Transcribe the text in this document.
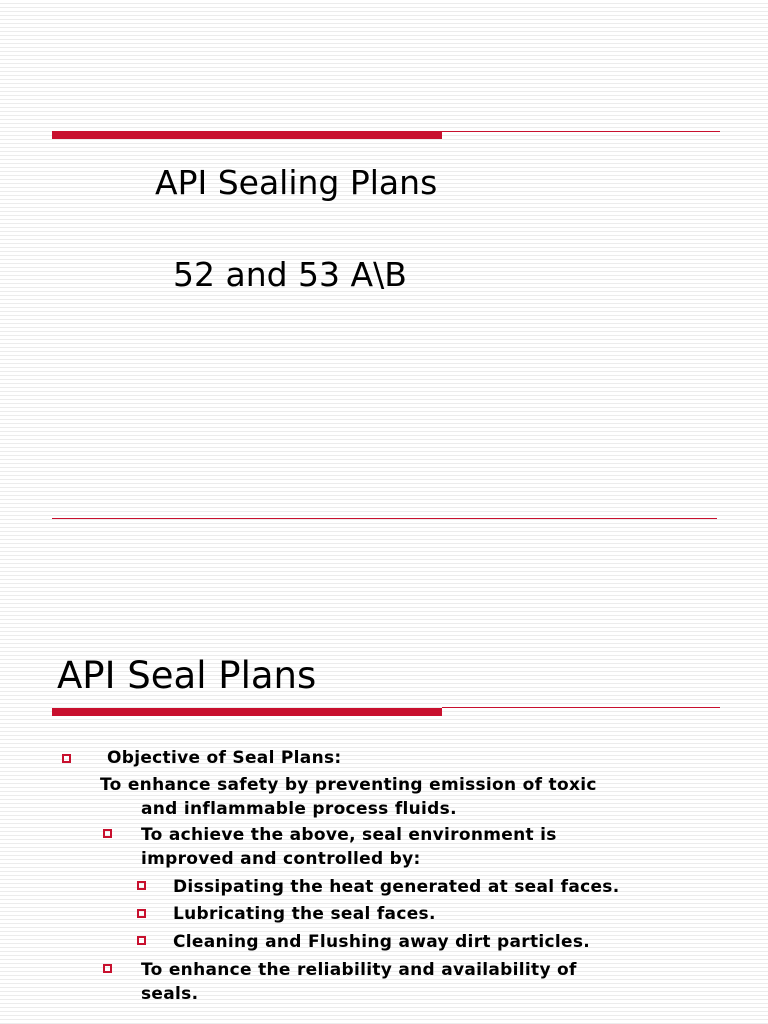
API Sealing Plans
52 and 53 A\B
API Seal Plans
Objective of Seal Plans:
To enhance safety by preventing emission of toxic
and inflammable process fluids.
To achieve the above, seal environment is
improved and controlled by:
Dissipating the heat generated at seal faces.
Lubricating the seal faces.
Cleaning and Flushing away dirt particles.
To enhance the reliability and availability of
seals.
